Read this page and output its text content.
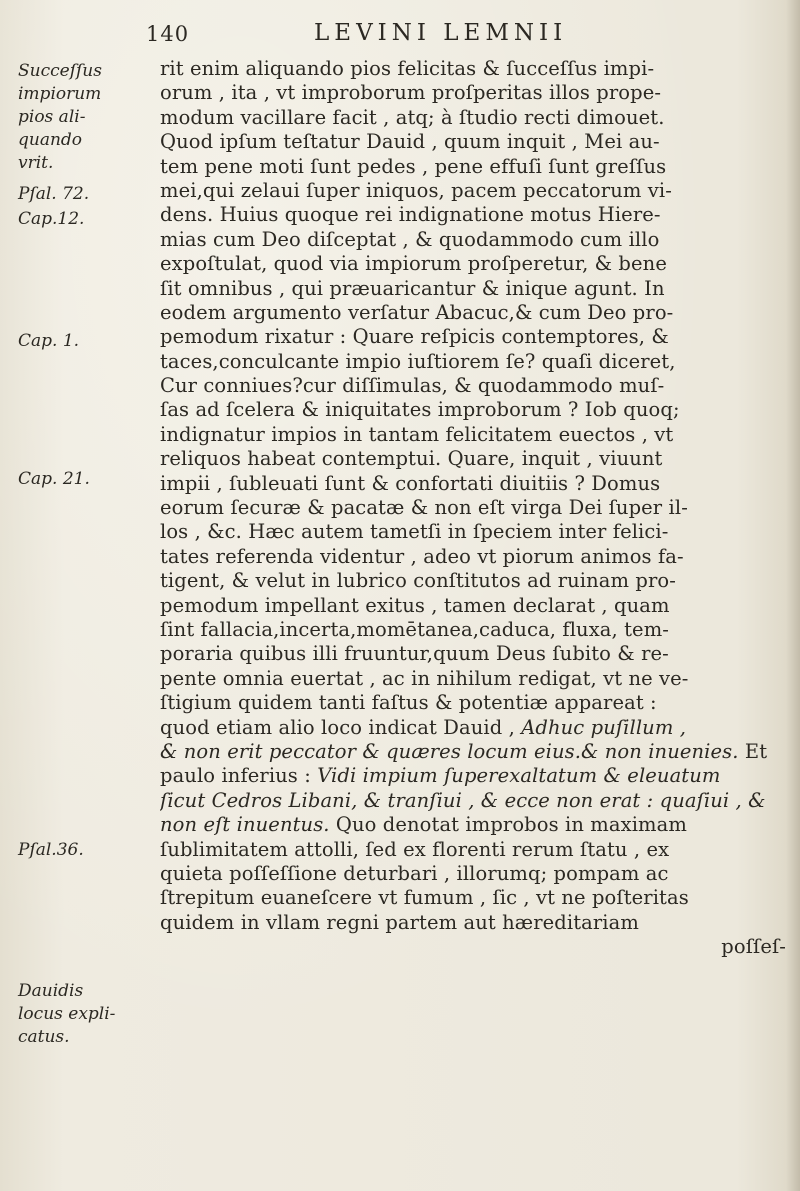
140	LEVINI LEMNII
Succeſſus
impiorum
pios ali-
quando
vrit.
Pſal. 72.
Cap.12.
Cap. 1.
Cap. 21.
Pſal.36.
Dauidis
locus expli-
catus.
rit enim aliquando pios felicitas & ſucceſſus impi-
orum , ita , vt improborum proſperitas illos prope-
modum vacillare facit , atq; à ſtudio recti dimouet.
Quod ipſum teſtatur Dauid , quum inquit , Mei au-
tem pene moti ſunt pedes , pene effuſi ſunt greſſus
mei,qui zelaui ſuper iniquos, pacem peccatorum vi-
dens. Huius quoque rei indignatione motus Hiere-
mias cum Deo diſceptat , & quodammodo cum illo
expoſtulat, quod via impiorum proſperetur, & bene
ſit omnibus , qui præuaricantur & inique agunt. In
eodem argumento verſatur Abacuc,& cum Deo pro-
pemodum rixatur : Quare reſpicis contemptores, &
taces,conculcante impio iuſtiorem ſe? quaſi diceret,
Cur conniues?cur diſſimulas, & quodammodo muſ-
ſas ad ſcelera & iniquitates improborum ? Iob quoq;
indignatur impios in tantam felicitatem euectos , vt
reliquos habeat contemptui. Quare, inquit , viuunt
impii , ſubleuati ſunt & confortati diuitiis ? Domus
eorum ſecuræ & pacatæ & non eſt virga Dei ſuper il-
los , &c. Hæc autem tametſi in ſpeciem inter felici-
tates referenda videntur , adeo vt piorum animos fa-
tigent, & velut in lubrico conſtitutos ad ruinam pro-
pemodum impellant exitus , tamen declarat , quam
ſint fallacia,incerta,momētanea,caduca, fluxa, tem-
poraria quibus illi fruuntur,quum Deus ſubito & re-
pente omnia euertat , ac in nihilum redigat, vt ne ve-
ſtigium quidem tanti faſtus & potentiæ appareat :
quod etiam alio loco indicat Dauid , Adhuc puſillum ,
& non erit peccator & quæres locum eius.& non inuenies. Et
paulo inferius : Vidi impium ſuperexaltatum & eleuatum
ſicut Cedros Libani, & tranſiui , & ecce non erat : quaſiui , &
non eſt inuentus. Quo denotat improbos in maximam
ſublimitatem attolli, ſed ex florenti rerum ſtatu , ex
quieta poſſeſſione deturbari , illorumq; pompam ac
ſtrepitum euaneſcere vt fumum , ſic , vt ne poſteritas
quidem in vllam regni partem aut hæreditariam
poſſeſ-
